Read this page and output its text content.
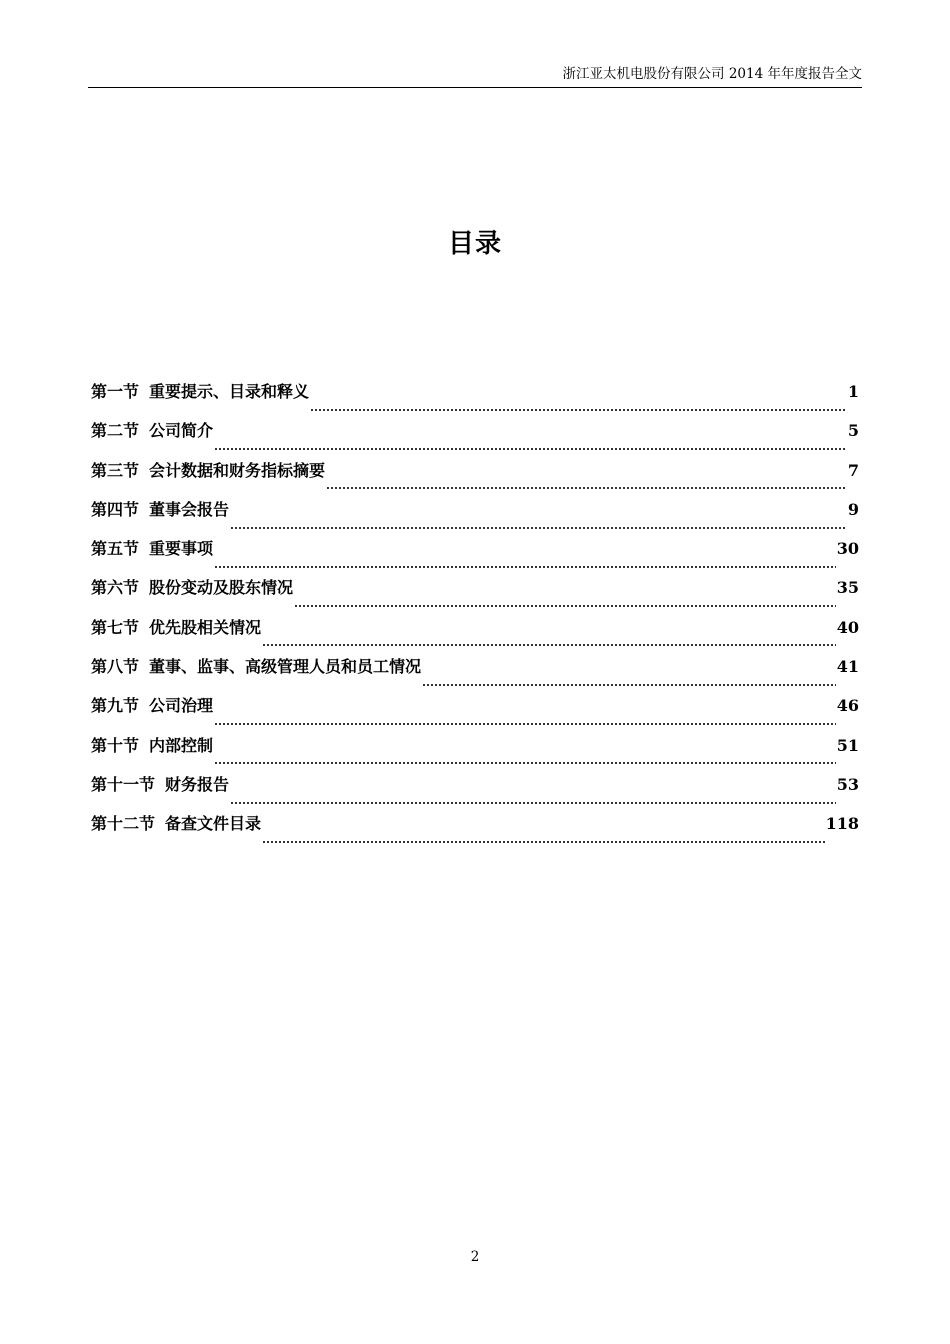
浙江亚太机电股份有限公司 2014 年年度报告全文
目录
第一节 重要提示、目录和释义	1
第二节 公司简介	5
第三节 会计数据和财务指标摘要	7
第四节 董事会报告	9
第五节 重要事项	30
第六节 股份变动及股东情况	35
第七节 优先股相关情况	40
第八节 董事、监事、高级管理人员和员工情况	41
第九节 公司治理	46
第十节 内部控制	51
第十一节 财务报告	53
第十二节 备查文件目录	118
2
